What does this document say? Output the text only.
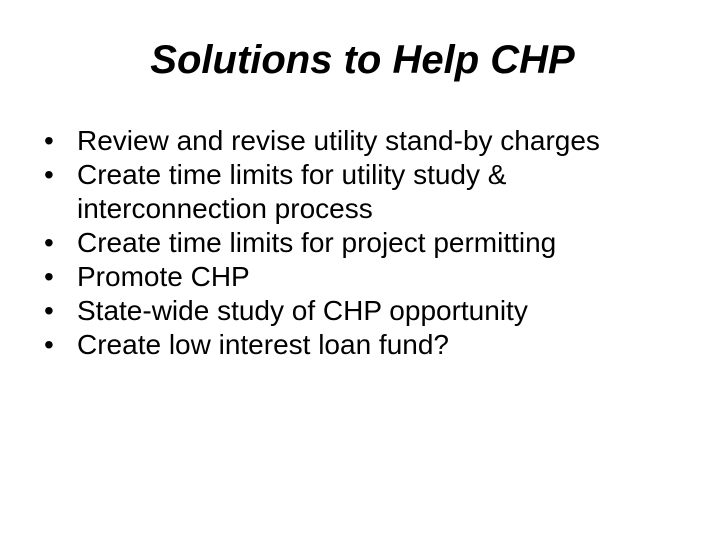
Solutions to Help CHP
• Review and revise utility stand-by charges
• Create time limits for utility study & interconnection process
• Create time limits for project permitting
• Promote CHP
• State-wide study of CHP opportunity
• Create low interest loan fund?
